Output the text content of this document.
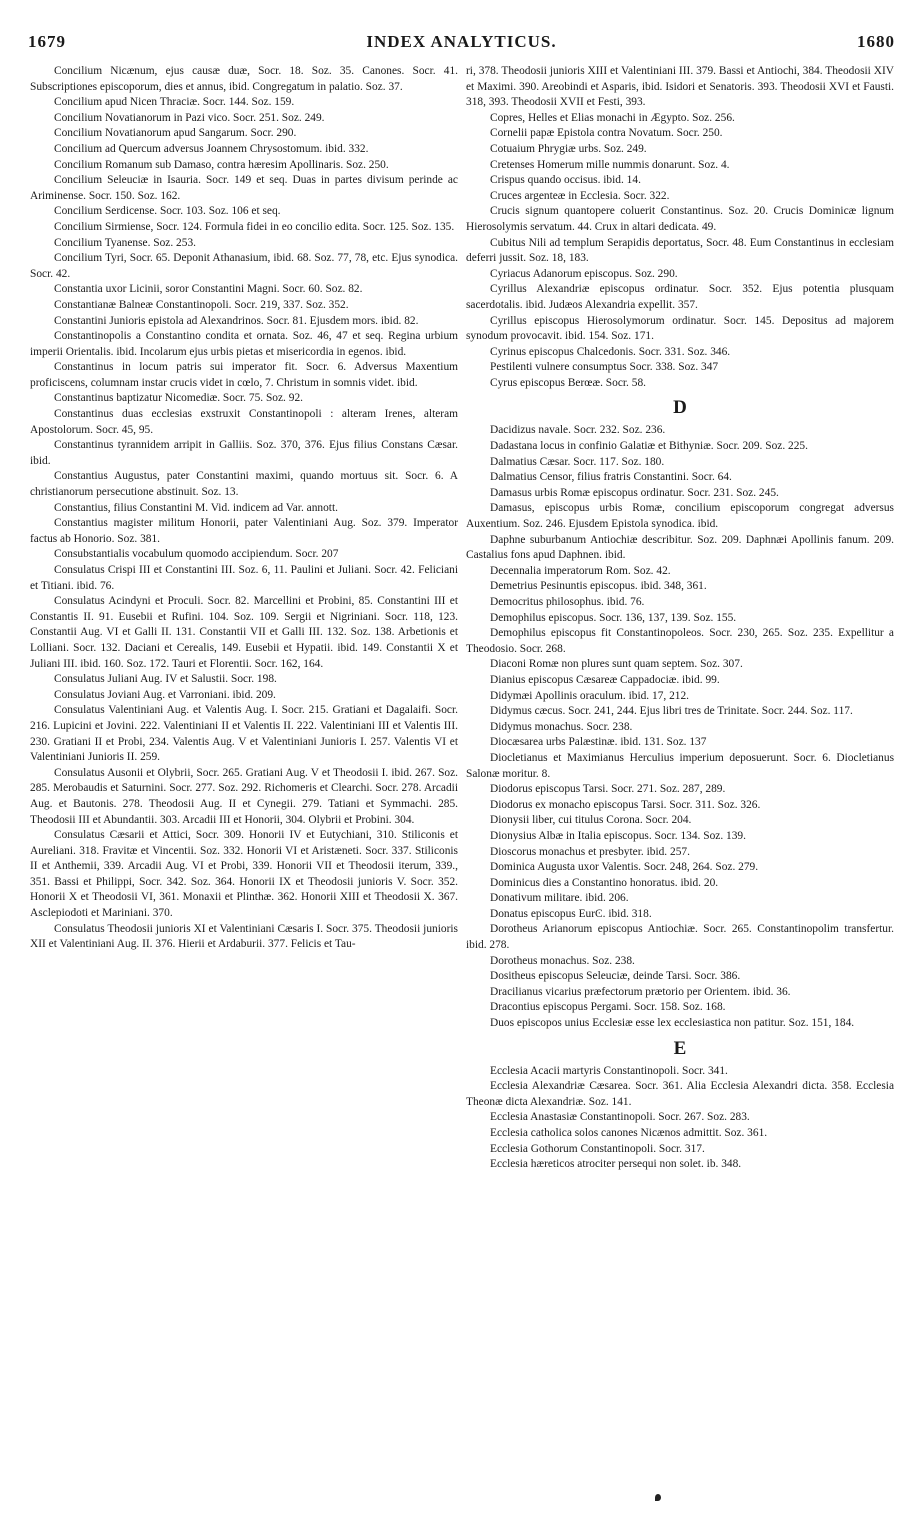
1679	INDEX ANALYTICUS.	1680

Concilium Nicænum, ejus causæ duæ, Socr. 18. Soz. 35. Canones. Socr. 41. Subscriptiones episcoporum, dies et annus, ibid. Congregatum in palatio. Soz. 37.

Concilium apud Nicen Thraciæ. Socr. 144. Soz. 159.

Concilium Novatianorum in Pazi vico. Socr. 251. Soz. 249.

Concilium Novatianorum apud Sangarum. Socr. 290.

Concilium ad Quercum adversus Joannem Chrysostomum. ibid. 332.

Concilium Romanum sub Damaso, contra hæresim Apollinaris. Soz. 250.

Concilium Seleuciæ in Isauria. Socr. 149 et seq. Duas in partes divisum perinde ac Ariminense. Socr. 150. Soz. 162.

Concilium Serdicense. Socr. 103. Soz. 106 et seq.

Concilium Sirmiense, Socr. 124. Formula fidei in eo concilio edita. Socr. 125. Soz. 135.

Concilium Tyanense. Soz. 253.

Concilium Tyri, Socr. 65. Deponit Athanasium, ibid. 68. Soz. 77, 78, etc. Ejus synodica. Socr. 42.

Constantia uxor Licinii, soror Constantini Magni. Socr. 60. Soz. 82.

Constantianæ Balneæ Constantinopoli. Socr. 219, 337. Soz. 352.

Constantini Junioris epistola ad Alexandrinos. Socr. 81. Ejusdem mors. ibid. 82.

Constantinopolis a Constantino condita et ornata. Soz. 46, 47 et seq. Regina urbium imperii Orientalis. ibid. Incolarum ejus urbis pietas et misericordia in egenos. ibid.

Constantinus in locum patris sui imperator fit. Socr. 6. Adversus Maxentium proficiscens, columnam instar crucis videt in cœlo, 7. Christum in somnis videt. ibid.

Constantinus baptizatur Nicomediæ. Socr. 75. Soz. 92.

Constantinus duas ecclesias exstruxit Constantinopoli : alteram Irenes, alteram Apostolorum. Socr. 45, 95.

Constantinus tyrannidem arripit in Galliis. Soz. 370, 376. Ejus filius Constans Cæsar. ibid.

Constantius Augustus, pater Constantini maximi, quando mortuus sit. Socr. 6. A christianorum persecutione abstinuit. Soz. 13.

Constantius, filius Constantini M. Vid. indicem ad Var. annott.

Constantius magister militum Honorii, pater Valentiniani Aug. Soz. 379. Imperator factus ab Honorio. Soz. 381.

Consubstantialis vocabulum quomodo accipiendum. Socr. 207

Consulatus Crispi III et Constantini III. Soz. 6, 11. Paulini et Juliani. Socr. 42. Feliciani et Titiani. ibid. 76.

Consulatus Acindyni et Proculi. Socr. 82. Marcellini et Probini, 85. Constantini III et Constantis II. 91. Eusebii et Rufini. 104. Soz. 109. Sergii et Nigriniani. Socr. 118, 123. Constantii Aug. VI et Galli II. 131. Constantii VII et Galli III. 132. Soz. 138. Arbetionis et Lolliani. Socr. 132. Daciani et Cerealis, 149. Eusebii et Hypatii. ibid. 149. Constantii X et Juliani III. ibid. 160. Soz. 172. Tauri et Florentii. Socr. 162, 164.

Consulatus Juliani Aug. IV et Salustii. Socr. 198.

Consulatus Joviani Aug. et Varroniani. ibid. 209.

Consulatus Valentiniani Aug. et Valentis Aug. I. Socr. 215. Gratiani et Dagalaifi. Socr. 216. Lupicini et Jovini. 222. Valentiniani II et Valentis II. 222. Valentiniani III et Valentis III. 230. Gratiani II et Probi, 234. Valentis Aug. V et Valentiniani Junioris I. 257. Valentis VI et Valentiniani Junioris II. 259.

Consulatus Ausonii et Olybrii, Socr. 265. Gratiani Aug. V et Theodosii I. ibid. 267. Soz. 285. Merobaudis et Saturnini. Socr. 277. Soz. 292. Richomeris et Clearchi. Socr. 278. Arcadii Aug. et Bautonis. 278. Theodosii Aug. II et Cynegii. 279. Tatiani et Symmachi. 285. Theodosii III et Abundantii. 303. Arcadii III et Honorii, 304. Olybrii et Probini. 304.

Consulatus Cæsarii et Attici, Socr. 309. Honorii IV et Eutychiani, 310. Stiliconis et Aureliani. 318. Fravitæ et Vincentii. Soz. 332. Honorii VI et Aristæneti. Socr. 337. Stiliconis II et Anthemii, 339. Arcadii Aug. VI et Probi, 339. Honorii VII et Theodosii iterum, 339., 351. Bassi et Philippi, Socr. 342. Soz. 364. Honorii IX et Theodosii junioris V. Socr. 352. Honorii X et Theodosii VI, 361. Monaxii et Plinthæ. 362. Honorii XIII et Theodosii X. 367. Asclepiodoti et Mariniani. 370.

Consulatus Theodosii junioris XI et Valentiniani Cæsaris I. Socr. 375. Theodosii junioris XII et Valentiniani Aug. II. 376. Hierii et Ardaburii. 377. Felicis et Tau-

ri, 378. Theodosii junioris XIII et Valentiniani III. 379. Bassi et Antiochi, 384. Theodosii XIV et Maximi. 390. Areobindi et Asparis, ibid. Isidori et Senatoris. 393. Theodosii XVI et Fausti. 318, 393. Theodosii XVII et Festi, 393.

Copres, Helles et Elias monachi in Ægypto. Soz. 256.

Cornelii papæ Epistola contra Novatum. Socr. 250.

Cotuaium Phrygiæ urbs. Soz. 249.

Cretenses Homerum mille nummis donarunt. Soz. 4.

Crispus quando occisus. ibid. 14.

Cruces argenteæ in Ecclesia. Socr. 322.

Crucis signum quantopere coluerit Constantinus. Soz. 20. Crucis Dominicæ lignum Hierosolymis servatum. 44. Crux in altari dedicata. 49.

Cubitus Nili ad templum Serapidis deportatus, Socr. 48. Eum Constantinus in ecclesiam deferri jussit. Soz. 18, 183.

Cyriacus Adanorum episcopus. Soz. 290.

Cyrillus Alexandriæ episcopus ordinatur. Socr. 352. Ejus potentia plusquam sacerdotalis. ibid. Judæos Alexandria expellit. 357.

Cyrillus episcopus Hierosolymorum ordinatur. Socr. 145. Depositus ad majorem synodum provocavit. ibid. 154. Soz. 171.

Cyrinus episcopus Chalcedonis. Socr. 331. Soz. 346.

Pestilenti vulnere consumptus Socr. 338. Soz. 347

Cyrus episcopus Berœæ. Socr. 58.

D

Dacidizus navale. Socr. 232. Soz. 236.

Dadastana locus in confinio Galatiæ et Bithyniæ. Socr. 209. Soz. 225.

Dalmatius Cæsar. Socr. 117. Soz. 180.

Dalmatius Censor, filius fratris Constantini. Socr. 64.

Damasus urbis Romæ episcopus ordinatur. Socr. 231. Soz. 245.

Damasus, episcopus urbis Romæ, concilium episcoporum congregat adversus Auxentium. Soz. 246. Ejusdem Epistola synodica. ibid.

Daphne suburbanum Antiochiæ describitur. Soz. 209. Daphnæi Apollinis fanum. 209. Castalius fons apud Daphnen. ibid.

Decennalia imperatorum Rom. Soz. 42.

Demetrius Pesinuntis episcopus. ibid. 348, 361.

Democritus philosophus. ibid. 76.

Demophilus episcopus. Socr. 136, 137, 139. Soz. 155.

Demophilus episcopus fit Constantinopoleos. Socr. 230, 265. Soz. 235. Expellitur a Theodosio. Socr. 268.

Diaconi Romæ non plures sunt quam septem. Soz. 307.

Dianius episcopus Cæsareæ Cappadociæ. ibid. 99.

Didymæi Apollinis oraculum. ibid. 17, 212.

Didymus cæcus. Socr. 241, 244. Ejus libri tres de Trinitate. Socr. 244. Soz. 117.

Didymus monachus. Socr. 238.

Diocæsarea urbs Palæstinæ. ibid. 131. Soz. 137

Diocletianus et Maximianus Herculius imperium deposuerunt. Socr. 6. Diocletianus Salonæ moritur. 8.

Diodorus episcopus Tarsi. Socr. 271. Soz. 287, 289.

Diodorus ex monacho episcopus Tarsi. Socr. 311. Soz. 326.

Dionysii liber, cui titulus Corona. Socr. 204.

Dionysius Albæ in Italia episcopus. Socr. 134. Soz. 139.

Dioscorus monachus et presbyter. ibid. 257.

Dominica Augusta uxor Valentis. Socr. 248, 264. Soz. 279.

Dominicus dies a Constantino honoratus. ibid. 20.

Donativum militare. ibid. 206.

Donatus episcopus EurϾ. ibid. 318.

Dorotheus Arianorum episcopus Antiochiæ. Socr. 265. Constantinopolim transfertur. ibid. 278.

Dorotheus monachus. Soz. 238.

Dositheus episcopus Seleuciæ, deinde Tarsi. Socr. 386.

Dracilianus vicarius præfectorum prætorio per Orientem. ibid. 36.

Dracontius episcopus Pergami. Socr. 158. Soz. 168.

Duos episcopos unius Ecclesiæ esse lex ecclesiastica non patitur. Soz. 151, 184.

E

Ecclesia Acacii martyris Constantinopoli. Socr. 341.

Ecclesia Alexandriæ Cæsarea. Socr. 361. Alia Ecclesia Alexandri dicta. 358. Ecclesia Theonæ dicta Alexandriæ. Soz. 141.

Ecclesia Anastasiæ Constantinopoli. Socr. 267. Soz. 283.

Ecclesia catholica solos canones Nicænos admittit. Soz. 361.

Ecclesia Gothorum Constantinopoli. Socr. 317.

Ecclesia hæreticos atrociter persequi non solet. ib. 348.
